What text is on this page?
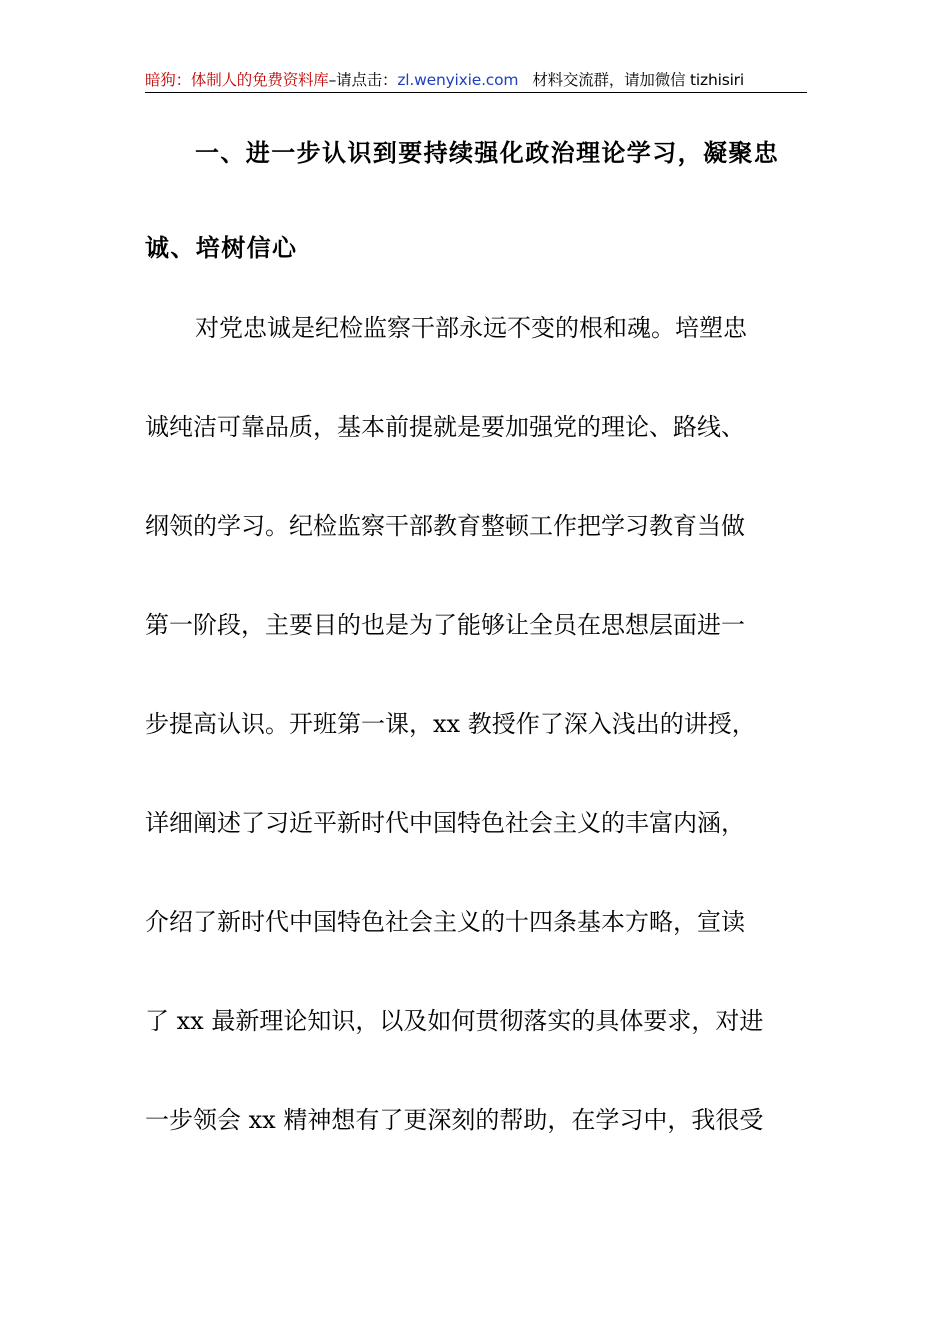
暗狗：体制人的免费资料库–请点击：zl.wenyixie.com 材料交流群，请加微信 tizhisiri
一、进一步认识到要持续强化政治理论学习，凝聚忠
诚、培树信心
对党忠诚是纪检监察干部永远不变的根和魂。培塑忠
诚纯洁可靠品质，基本前提就是要加强党的理论、路线、
纲领的学习。纪检监察干部教育整顿工作把学习教育当做
第一阶段，主要目的也是为了能够让全员在思想层面进一
步提高认识。开班第一课，xx 教授作了深入浅出的讲授，
详细阐述了习近平新时代中国特色社会主义的丰富内涵，
介绍了新时代中国特色社会主义的十四条基本方略，宣读
了 xx 最新理论知识，以及如何贯彻落实的具体要求，对进
一步领会 xx 精神想有了更深刻的帮助，在学习中，我很受
